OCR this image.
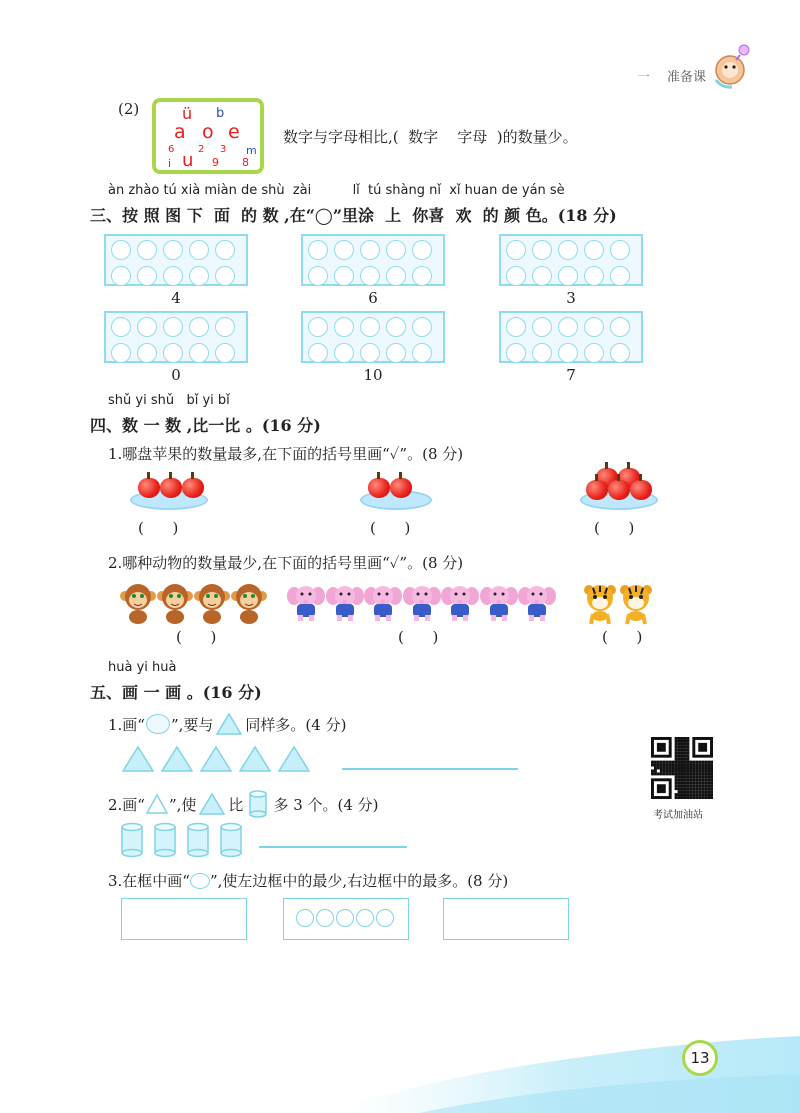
一 准备课
(2)	ü b
a o e
6 2 3 m
i u 9 8
数字与字母相比,(  数字    字母  )的数量少。
àn zhào tú xià miàn de shù  zài          lǐ  tú shàng nǐ  xǐ huan de yán sè
三、按 照 图 下  面  的 数 ,在“◯”里涂  上  你喜  欢  的 颜 色。(18 分)
4	6	3
0	10	7
shǔ yi shǔ   bǐ yi bǐ
四、数 一 数 ,比一比 。(16 分)
1.哪盘苹果的数量最多,在下面的括号里画“✓”。(8 分)
(      )	(      )	(      )
2.哪种动物的数量最少,在下面的括号里画“✓”。(8 分)
(      )	(      )	(      )
huà yi huà
五、画 一 画 。(16 分)
1.画“ ”,要与 同样多。(4 分)
考试加油站
2.画“ ”,使 比 多 3 个。(4 分)
3.在框中画“ ”,使左边框中的最少,右边框中的最多。(8 分)
13
